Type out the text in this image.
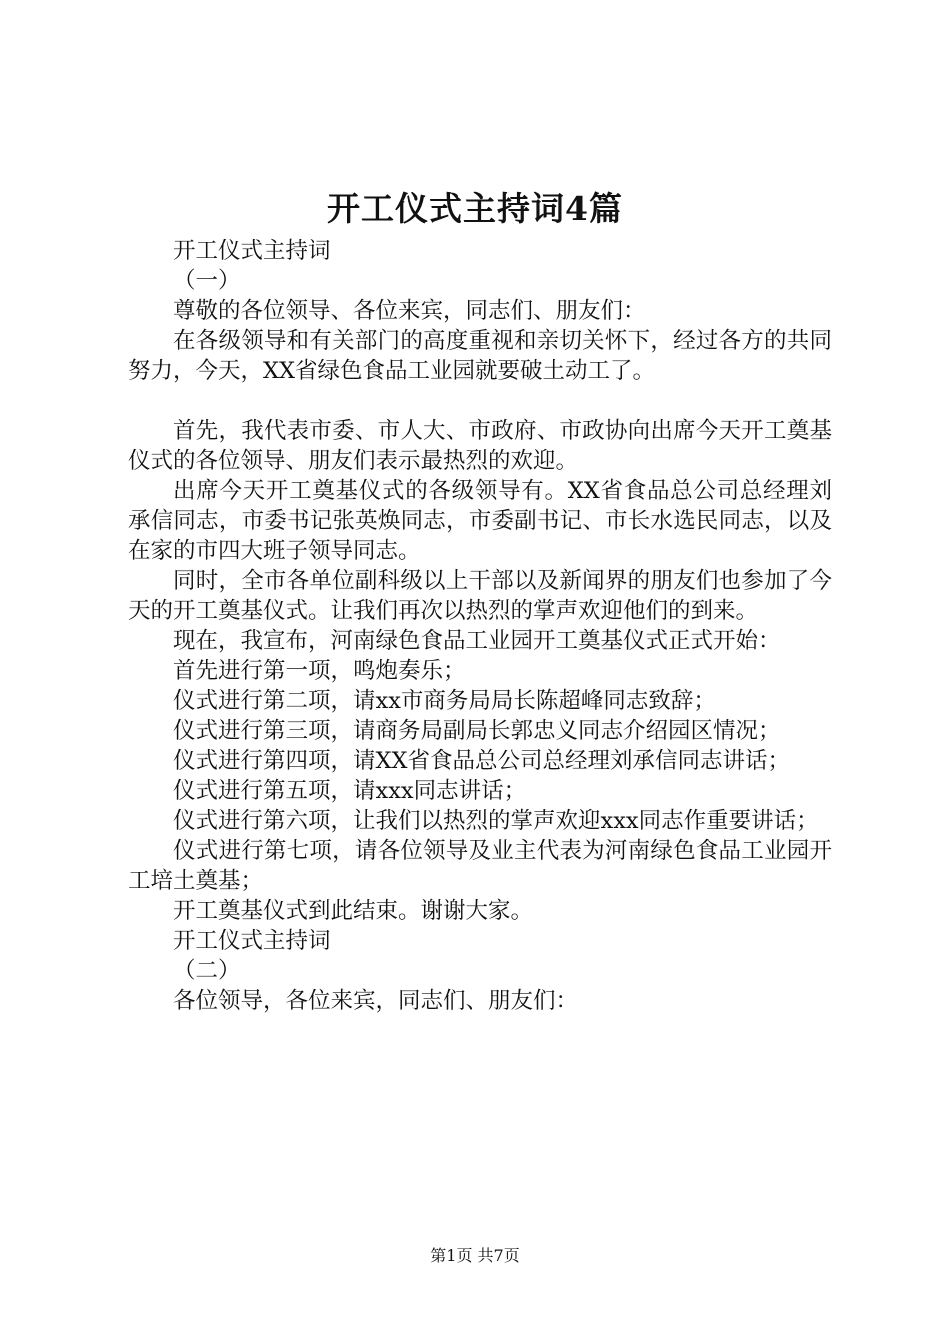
开工仪式主持词4篇

开工仪式主持词

（一）

尊敬的各位领导、各位来宾，同志们、朋友们：

在各级领导和有关部门的高度重视和亲切关怀下，经过各方的共同努力，今天，XX省绿色食品工业园就要破土动工了。

首先，我代表市委、市人大、市政府、市政协向出席今天开工奠基仪式的各位领导、朋友们表示最热烈的欢迎。

出席今天开工奠基仪式的各级领导有。XX省食品总公司总经理刘承信同志，市委书记张英焕同志，市委副书记、市长水选民同志，以及在家的市四大班子领导同志。

同时，全市各单位副科级以上干部以及新闻界的朋友们也参加了今天的开工奠基仪式。让我们再次以热烈的掌声欢迎他们的到来。

现在，我宣布，河南绿色食品工业园开工奠基仪式正式开始：

首先进行第一项，鸣炮奏乐；

仪式进行第二项，请xx市商务局局长陈超峰同志致辞；

仪式进行第三项，请商务局副局长郭忠义同志介绍园区情况；

仪式进行第四项，请XX省食品总公司总经理刘承信同志讲话；

仪式进行第五项，请xxx同志讲话；

仪式进行第六项，让我们以热烈的掌声欢迎xxx同志作重要讲话；

仪式进行第七项，请各位领导及业主代表为河南绿色食品工业园开工培土奠基；

开工奠基仪式到此结束。谢谢大家。

开工仪式主持词

（二）

各位领导，各位来宾，同志们、朋友们：

第1页 共7页
